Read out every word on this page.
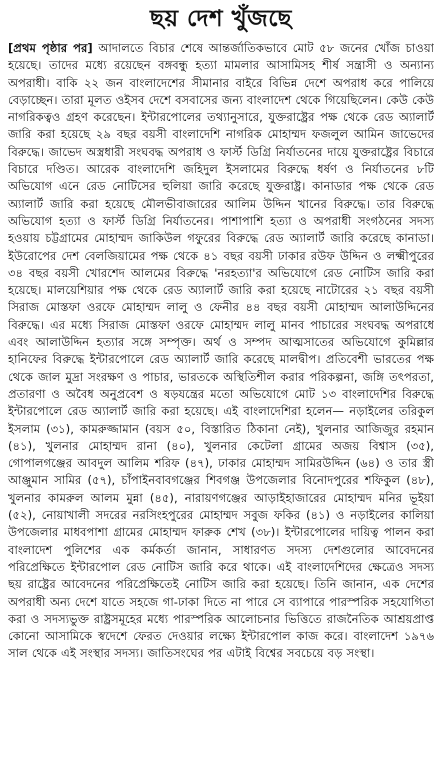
ছয় দেশ খুঁজছে

[প্রথম পৃষ্ঠার পর] আদালতে বিচার শেষে আন্তর্জাতিকভাবে মোট ৫৮ জনের খোঁজ চাওয়া হয়েছে। তাদের মধ্যে রয়েছেন বঙ্গবন্ধু হত্যা মামলার আসামিসহ শীর্ষ সন্ত্রাসী ও অন্যান্য অপরাধী। বাকি ২২ জন বাংলাদেশের সীমানার বাইরে বিভিন্ন দেশে অপরাধ করে পালিয়ে বেড়াচ্ছেন। তারা মূলত ওইসব দেশে বসবাসের জন্য বাংলাদেশ থেকে গিয়েছিলেন। কেউ কেউ নাগরিকত্বও গ্রহণ করেছেন। ইন্টারপোলের তথ্যানুসারে, যুক্তরাষ্ট্রের পক্ষ থেকে রেড অ্যালার্ট জারি করা হয়েছে ২৯ বছর বয়সী বাংলাদেশি নাগরিক মোহাম্মদ ফজলুল আমিন জাভেদের বিরুদ্ধে। জাভেদ অস্ত্রধারী সংঘবদ্ধ অপরাধ ও ফার্স্ট ডিগ্রি নির্যাতনের দায়ে যুক্তরাষ্ট্রের বিচারে বিচারে দণ্ডিত। আরেক বাংলাদেশি জহিদুল ইসলামের বিরুদ্ধে ধর্ষণ ও নির্যাতনের ৮টি অভিযোগ এনে রেড নোটিসের হুলিয়া জারি করেছে যুক্তরাষ্ট্র। কানাডার পক্ষ থেকে রেড অ্যালার্ট জারি করা হয়েছে মৌলভীবাজারের আলিম উদ্দিন খানের বিরুদ্ধে। তার বিরুদ্ধে অভিযোগ হত্যা ও ফার্স্ট ডিগ্রি নির্যাতনের। পাশাপাশি হত্যা ও অপরাধী সংগঠনের সদস্য হওয়ায় চট্টগ্রামের মোহাম্মদ জাকিউল গফুরের বিরুদ্ধে রেড অ্যালার্ট জারি করেছে কানাডা। ইউরোপের দেশ বেলজিয়ামের পক্ষ থেকে ৪১ বছর বয়সী ঢাকার রউফ উদ্দিন ও লক্ষ্মীপুরের ৩৪ বছর বয়সী খোরশেদ আলমের বিরুদ্ধে 'নরহত্যা'র অভিযোগে রেড নোটিস জারি করা হয়েছে। মালয়েশিয়ার পক্ষ থেকে রেড অ্যালার্ট জারি করা হয়েছে নাটোরের ২১ বছর বয়সী সিরাজ মোস্তফা ওরফে মোহাম্মদ লালু ও ফেনীর ৪৪ বছর বয়সী মোহাম্মদ আলাউদ্দিনের বিরুদ্ধে। এর মধ্যে সিরাজ মোস্তফা ওরফে মোহাম্মদ লালু মানব পাচারের সংঘবদ্ধ অপরাধে এবং আলাউদ্দিন হত্যার সঙ্গে সম্পৃক্ত। অর্থ ও সম্পদ আত্মসাতের অভিযোগে কুমিল্লার হানিফের বিরুদ্ধে ইন্টারপোলে রেড অ্যালার্ট জারি করেছে মালদ্বীপ। প্রতিবেশী ভারতের পক্ষ থেকে জাল মুদ্রা সংরক্ষণ ও পাচার, ভারতকে অস্থিতিশীল করার পরিকল্পনা, জঙ্গি তৎপরতা, প্রতারণা ও অবৈধ অনুপ্রবেশ ও ষড়যন্ত্রের মতো অভিযোগে মোট ১৩ বাংলাদেশির বিরুদ্ধে ইন্টারপোলে রেড অ্যালার্ট জারি করা হয়েছে। এই বাংলাদেশিরা হলেন— নড়াইলের তরিকুল ইসলাম (৩১), কামরুজ্জামান (বয়স ৫০, বিস্তারিত ঠিকানা নেই), খুলনার আজিজুর রহমান (৪১), খুলনার মোহাম্মদ রানা (৪০), খুলনার কেটেলা গ্রামের অজয় বিশ্বাস (৩৫), গোপালগঞ্জের আবদুল আলিম শরিফ (৪৭), ঢাকার মোহাম্মদ সামিরউদ্দিন (৬৪) ও তার স্ত্রী আঞ্জুমান সামির (৫৭), চাঁপাইনবাবগঞ্জের শিবগঞ্জ উপজেলার বিনোদপুরের শফিকুল (৪৮), খুলনার কামরুল আলম মুন্না (৪৫), নারায়ণগঞ্জের আড়াইহাজারের মোহাম্মদ মনির ভূইয়া (৫২), নোয়াখালী সদরের নরসিংহপুরের মোহাম্মদ সবুজ ফকির (৪১) ও নড়াইলের কালিয়া উপজেলার মাধবপাশা গ্রামের মোহাম্মদ ফারুক শেখ (৩৮)। ইন্টারপোলের দায়িত্ব পালন করা বাংলাদেশ পুলিশের এক কর্মকর্তা জানান, সাধারণত সদস্য দেশগুলোর আবেদনের পরিপ্রেক্ষিতে ইন্টারপোল রেড নোটিস জারি করে থাকে। এই বাংলাদেশিদের ক্ষেত্রেও সদস্য ছয় রাষ্ট্রের আবেদনের পরিপ্রেক্ষিতেই নোটিস জারি করা হয়েছে। তিনি জানান, এক দেশের অপরাধী অন্য দেশে যাতে সহজে গা-ঢাকা দিতে না পারে সে ব্যাপারে পারস্পরিক সহযোগিতা করা ও সদস্যভুক্ত রাষ্ট্রসমূহের মধ্যে পারস্পরিক আলোচনার ভিত্তিতে রাজনৈতিক আশ্রয়প্রাপ্ত কোনো আসামিকে স্বদেশে ফেরত দেওয়ার লক্ষ্যে ইন্টারপোল কাজ করে। বাংলাদেশ ১৯৭৬ সাল থেকে এই সংস্থার সদস্য। জাতিসংঘের পর এটাই বিশ্বের সবচেয়ে বড় সংস্থা।
